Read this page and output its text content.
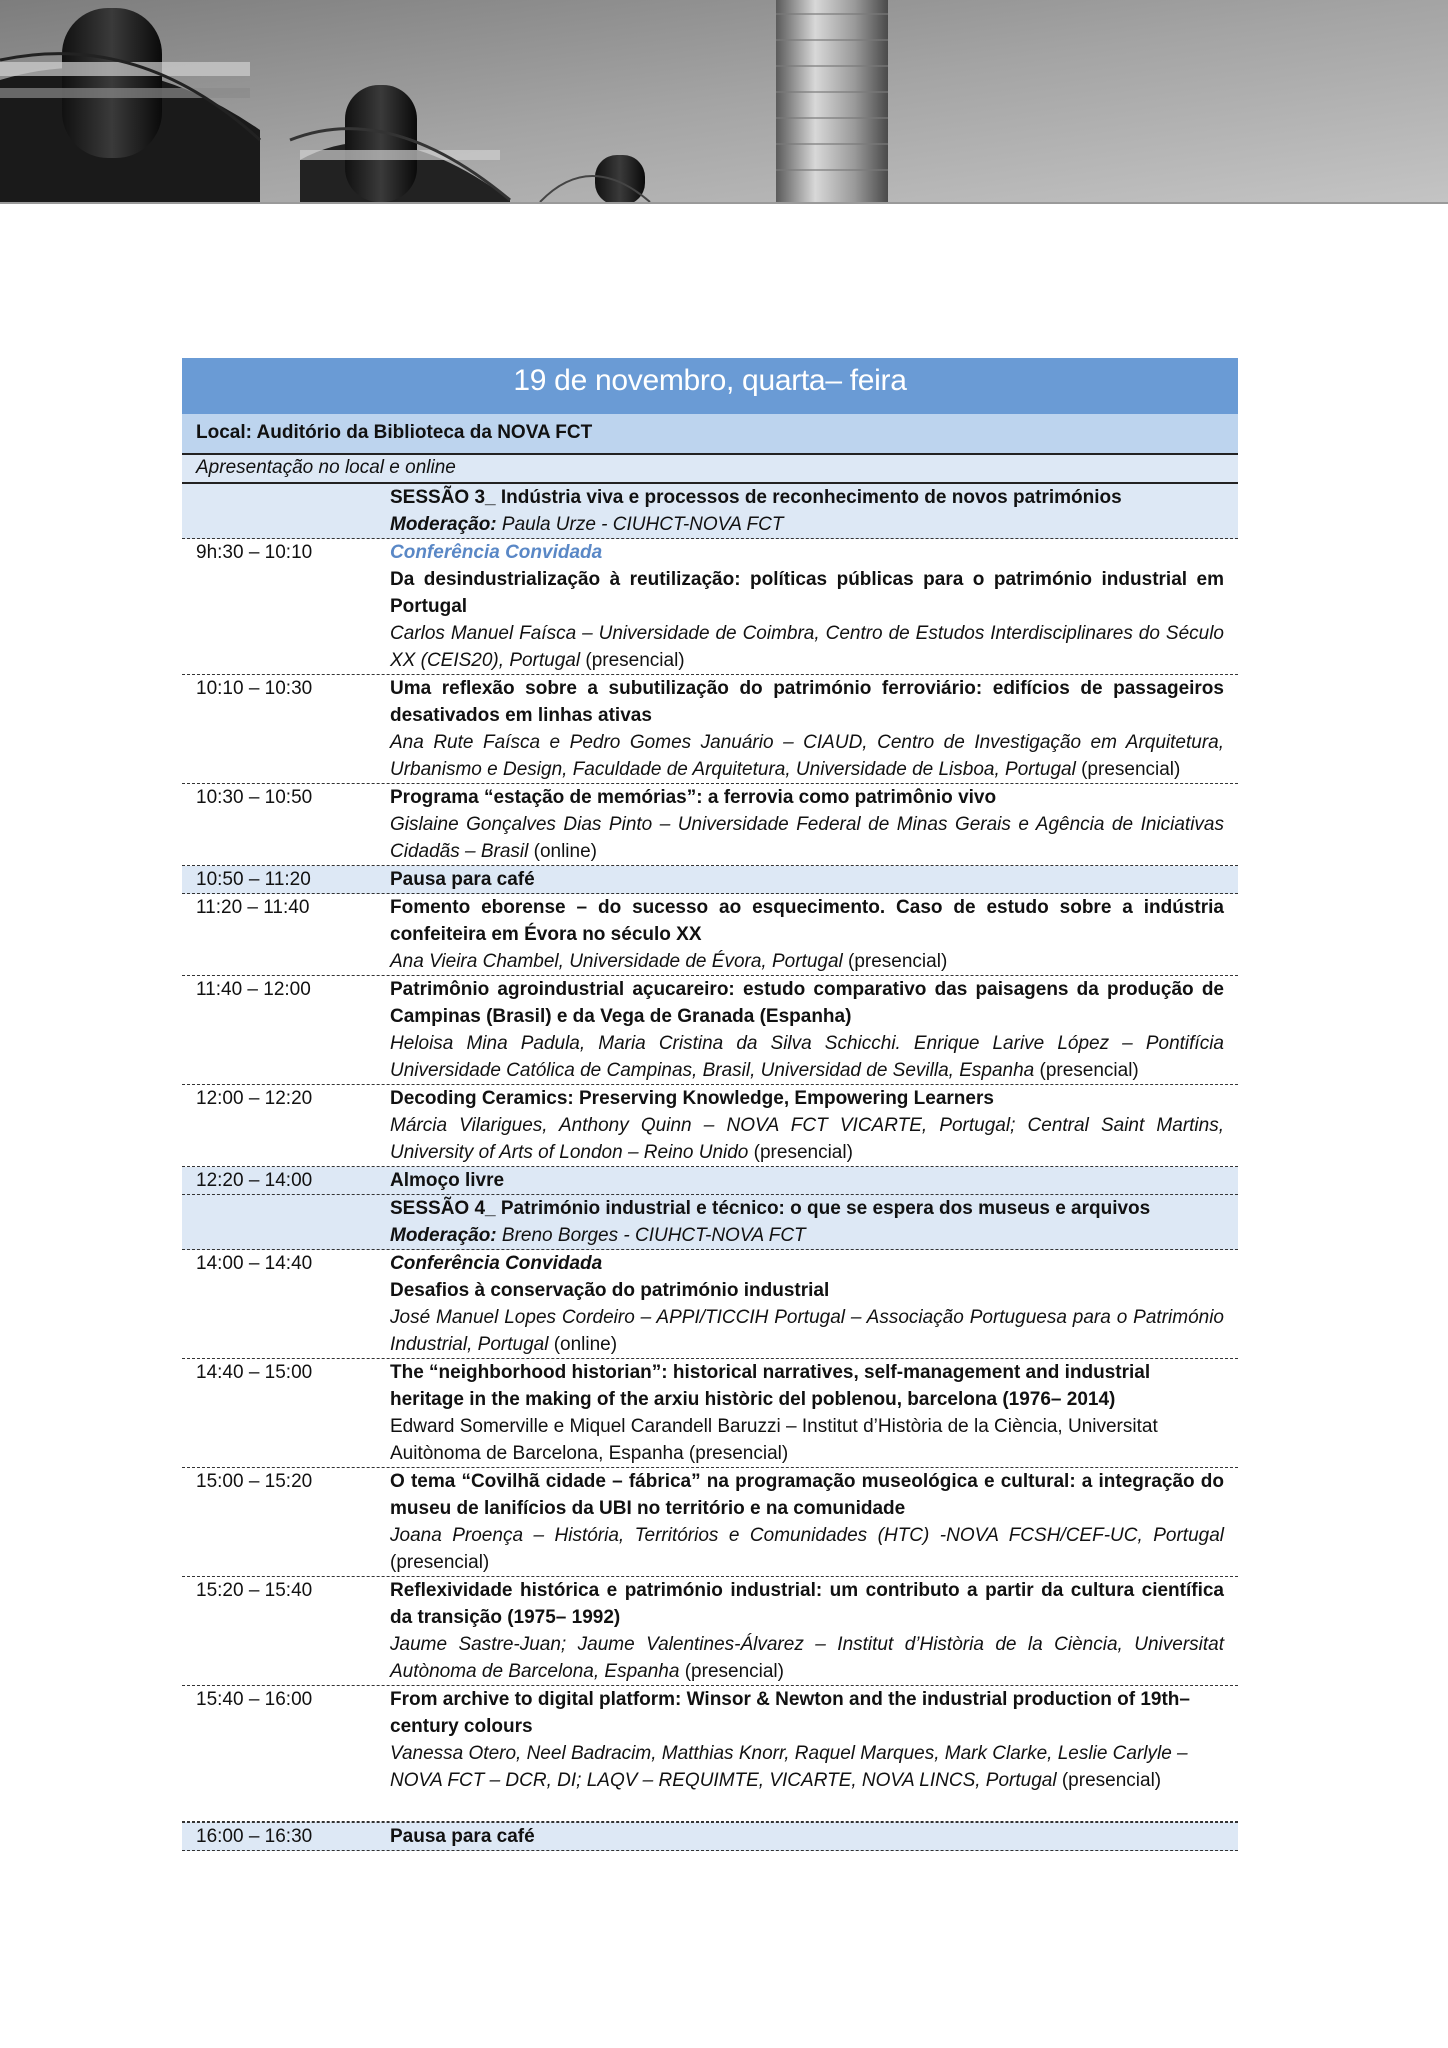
19 de novembro, quarta– feira
Local: Auditório da Biblioteca da NOVA FCT
Apresentação no local e online

SESSÃO 3_ Indústria viva e processos de reconhecimento de novos patrimónios

Moderação: Paula Urze - CIUHCT-NOVA FCT

9h:30 – 10:10	Conferência Convidada

Da desindustrialização à reutilização: políticas públicas para o património industrial em Portugal

Carlos Manuel Faísca – Universidade de Coimbra, Centro de Estudos Interdisciplinares do Século XX (CEIS20), Portugal (presencial)

10:10 – 10:30	Uma reflexão sobre a subutilização do património ferroviário: edifícios de passageiros desativados em linhas ativas

Ana Rute Faísca e Pedro Gomes Januário – CIAUD, Centro de Investigação em Arquitetura, Urbanismo e Design, Faculdade de Arquitetura, Universidade de Lisboa, Portugal (presencial)

10:30 – 10:50	Programa “estação de memórias”: a ferrovia como patrimônio vivo

Gislaine Gonçalves Dias Pinto – Universidade Federal de Minas Gerais e Agência de Iniciativas Cidadãs – Brasil (online)

10:50 – 11:20	Pausa para café

11:20 – 11:40	Fomento eborense – do sucesso ao esquecimento. Caso de estudo sobre a indústria confeiteira em Évora no século XX

Ana Vieira Chambel, Universidade de Évora, Portugal (presencial)

11:40 – 12:00	Patrimônio agroindustrial açucareiro: estudo comparativo das paisagens da produção de Campinas (Brasil) e da Vega de Granada (Espanha)

Heloisa Mina Padula, Maria Cristina da Silva Schicchi. Enrique Larive López – Pontifícia Universidade Católica de Campinas, Brasil, Universidad de Sevilla, Espanha (presencial)

12:00 – 12:20	Decoding Ceramics: Preserving Knowledge, Empowering Learners

Márcia Vilarigues, Anthony Quinn – NOVA FCT VICARTE, Portugal; Central Saint Martins, University of Arts of London – Reino Unido (presencial)

12:20 – 14:00	Almoço livre

SESSÃO 4_ Património industrial e técnico: o que se espera dos museus e arquivos

Moderação: Breno Borges - CIUHCT-NOVA FCT

14:00 – 14:40	Conferência Convidada

Desafios à conservação do património industrial

José Manuel Lopes Cordeiro – APPI/TICCIH Portugal – Associação Portuguesa para o Património Industrial, Portugal (online)

14:40 – 15:00	The “neighborhood historian”: historical narratives, self-management and industrial heritage in the making of the arxiu històric del poblenou, barcelona (1976– 2014)

Edward Somerville e Miquel Carandell Baruzzi – Institut d’Història de la Ciència, Universitat Auitònoma de Barcelona, Espanha (presencial)

15:00 – 15:20	O tema “Covilhã cidade – fábrica” na programação museológica e cultural: a integração do museu de lanifícios da UBI no território e na comunidade

Joana Proença – História, Territórios e Comunidades (HTC) -NOVA FCSH/CEF-UC, Portugal (presencial)

15:20 – 15:40	Reflexividade histórica e património industrial: um contributo a partir da cultura científica da transição (1975– 1992)

Jaume Sastre-Juan; Jaume Valentines-Álvarez – Institut d’Història de la Ciència, Universitat Autònoma de Barcelona, Espanha (presencial)

15:40 – 16:00	From archive to digital platform: Winsor & Newton and the industrial production of 19th– century colours

Vanessa Otero, Neel Badracim, Matthias Knorr, Raquel Marques, Mark Clarke, Leslie Carlyle – NOVA FCT – DCR, DI; LAQV – REQUIMTE, VICARTE, NOVA LINCS, Portugal (presencial)

16:00 – 16:30	Pausa para café
